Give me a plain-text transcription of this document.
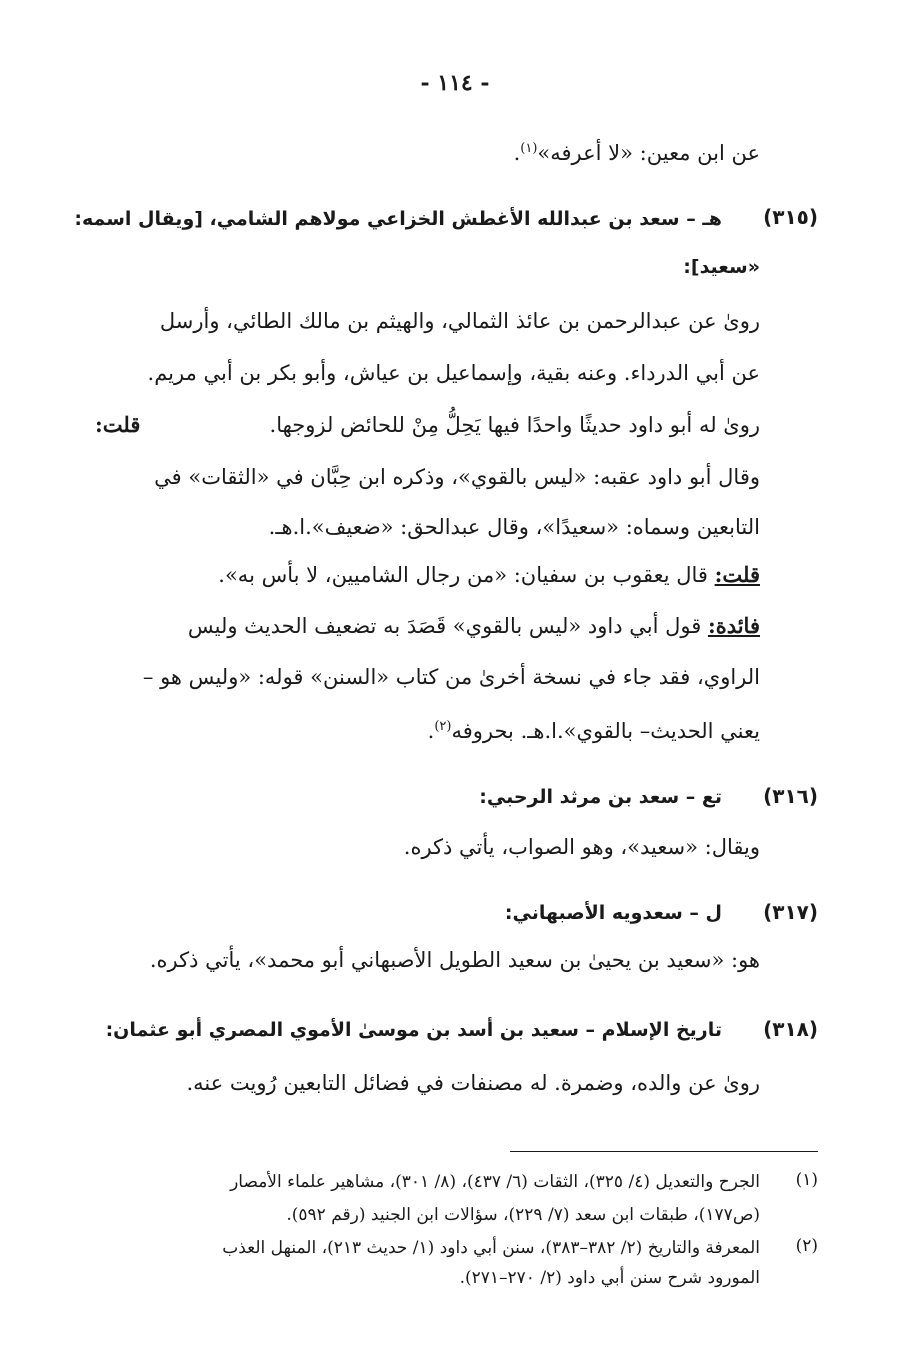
- ١١٤ -
عن ابن معين: «لا أعرفه»$^{(١)}$.
(٣١٥)
هـ – سعد بن عبدالله الأغطش الخزاعي مولاهم الشامي، [ويقال اسمه:
«سعيد]:
روىٰ عن عبدالرحمن بن عائذ الثمالي، والهيثم بن مالك الطائي، وأرسل
عن أبي الدرداء. وعنه بقية، وإسماعيل بن عياش، وأبو بكر بن أبي مريم.
روىٰ له أبو داود حديثًا واحدًا فيها يَحِلُّ مِنْ للحائض لزوجها.
قلت:
وقال أبو داود عقبه: «ليس بالقوي»، وذكره ابن حِبَّان في «الثقات» في
التابعين وسماه: «سعيدًا»، وقال عبدالحق: «ضعيف».ا.هـ.
قلت: قال يعقوب بن سفيان: «من رجال الشاميين، لا بأس به».
فائدة: قول أبي داود «ليس بالقوي» قَصَدَ به تضعيف الحديث وليس
الراوي، فقد جاء في نسخة أخرىٰ من كتاب «السنن» قوله: «وليس هو –
يعني الحديث– بالقوي».ا.هـ. بحروفه$^{(٢)}$.
(٣١٦)
تع – سعد بن مرثد الرحبي:
ويقال: «سعيد»، وهو الصواب، يأتي ذكره.
(٣١٧)
ل – سعدويه الأصبهاني:
هو: «سعيد بن يحيىٰ بن سعيد الطويل الأصبهاني أبو محمد»، يأتي ذكره.
(٣١٨)
تاريخ الإسلام – سعيد بن أسد بن موسىٰ الأموي المصري أبو عثمان:
روىٰ عن والده، وضمرة. له مصنفات في فضائل التابعين رُويت عنه.
(١)
الجرح والتعديل (٤/ ٣٢٥)، الثقات (٦/ ٤٣٧)، (٨/ ٣٠١)، مشاهير علماء الأمصار
(ص١٧٧)، طبقات ابن سعد (٧/ ٢٢٩)، سؤالات ابن الجنيد (رقم ٥٩٢).
(٢)
المعرفة والتاريخ (٢/ ٣٨٢–٣٨٣)، سنن أبي داود (١/ حديث ٢١٣)، المنهل العذب
المورود شرح سنن أبي داود (٢/ ٢٧٠–٢٧١).
